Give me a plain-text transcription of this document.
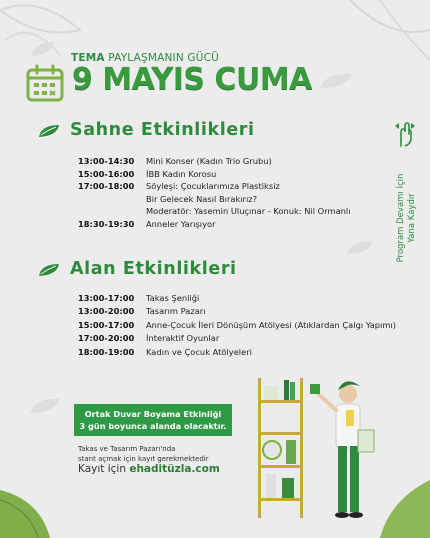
TEMA PAYLAŞMANIN GÜCÜ
9 MAYIS CUMA
Sahne Etkinlikleri
13:00-14:30	Mini Konser (Kadın Trio Grubu)
15:00-16:00	İBB Kadın Korosu
17:00-18:00	Söyleşi: Çocuklarımıza Plastiksiz
Bir Gelecek Nasıl Bırakırız?
Moderatör: Yasemin Uluçınar - Konuk: Nil Ormanlı
18:30-19:30	Anneler Yarışıyor
Alan Etkinlikleri
13:00-17:00	Takas Şenliği
13:00-20:00	Tasarım Pazarı
15:00-17:00	Anne-Çocuk İleri Dönüşüm Atölyesi (Atıklardan Çalgı Yapımı)
17:00-20:00	İnteraktif Oyunlar
18:00-19:00	Kadın ve Çocuk Atölyeleri
Program Devamı İçin Yana Kaydır
Ortak Duvar Boyama Etkinliği
3 gün boyunca alanda olacaktır.
Takas ve Tasarım Pazarı'nda
stant açmak için kayıt gerekmektedir
Kayıt için ehaditüzla.com
